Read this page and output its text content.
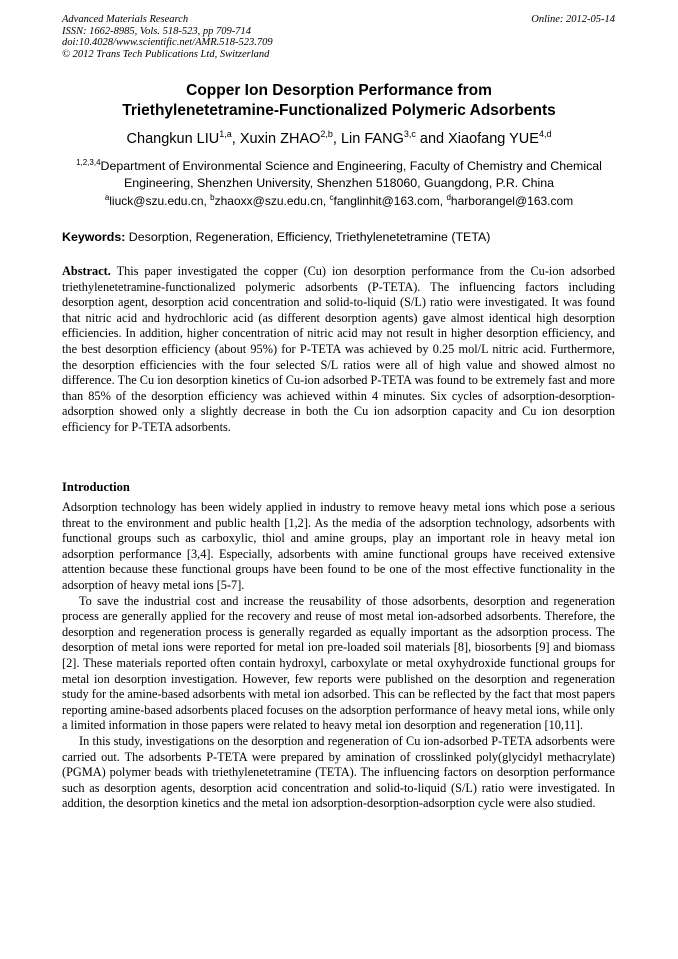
Advanced Materials Research
ISSN: 1662-8985, Vols. 518-523, pp 709-714
doi:10.4028/www.scientific.net/AMR.518-523.709
© 2012 Trans Tech Publications Ltd, Switzerland
Online: 2012-05-14
Copper Ion Desorption Performance from
Triethylenetetramine-Functionalized Polymeric Adsorbents
Changkun LIU$^{1,a}$, Xuxin ZHAO$^{2,b}$, Lin FANG$^{3,c}$ and Xiaofang YUE$^{4,d}$
$^{1,2,3,4}$Department of Environmental Science and Engineering, Faculty of Chemistry and Chemical
Engineering, Shenzhen University, Shenzhen 518060, Guangdong, P.R. China
$^a$liuck@szu.edu.cn, $^b$zhaoxx@szu.edu.cn, $^c$fanglinhit@163.com, $^d$harborangel@163.com
Keywords: Desorption, Regeneration, Efficiency, Triethylenetetramine (TETA)

Abstract. This paper investigated the copper (Cu) ion desorption performance from the Cu-ion adsorbed triethylenetetramine-functionalized polymeric adsorbents (P-TETA). The influencing factors including desorption agent, desorption acid concentration and solid-to-liquid (S/L) ratio were investigated. It was found that nitric acid and hydrochloric acid (as different desorption agents) gave almost identical high desorption efficiencies. In addition, higher concentration of nitric acid may not result in higher desorption efficiency, and the best desorption efficiency (about 95%) for P-TETA was achieved by 0.25 mol/L nitric acid. Furthermore, the desorption efficiencies with the four selected S/L ratios were all of high value and showed almost no difference. The Cu ion desorption kinetics of Cu-ion adsorbed P-TETA was found to be extremely fast and more than 85% of the desorption efficiency was achieved within 4 minutes. Six cycles of adsorption-desorption-adsorption showed only a slightly decrease in both the Cu ion adsorption capacity and Cu ion desorption efficiency for P-TETA adsorbents.

Introduction

Adsorption technology has been widely applied in industry to remove heavy metal ions which pose a serious threat to the environment and public health [1,2]. As the media of the adsorption technology, adsorbents with functional groups such as carboxylic, thiol and amine groups, play an important role in heavy metal ion adsorption performance [3,4]. Especially, adsorbents with amine functional groups have received extensive attention because these functional groups have been found to be one of the most effective functionality in the adsorption of heavy metal ions [5-7].

To save the industrial cost and increase the reusability of those adsorbents, desorption and regeneration process are generally applied for the recovery and reuse of most metal ion-adsorbed adsorbents. Therefore, the desorption and regeneration process is generally regarded as equally important as the adsorption process. The desorption of metal ions were reported for metal ion pre-loaded soil materials [8], biosorbents [9] and biomass [2]. These materials reported often contain hydroxyl, carboxylate or metal oxyhydroxide functional groups for metal ion desorption investigation. However, few reports were published on the desorption and regeneration study for the amine-based adsorbents with metal ion adsorbed. This can be reflected by the fact that most papers reporting amine-based adsorbents placed focuses on the adsorption performance of heavy metal ions, while only a limited information in those papers were related to heavy metal ion desorption and regeneration [10,11].

In this study, investigations on the desorption and regeneration of Cu ion-adsorbed P-TETA adsorbents were carried out. The adsorbents P-TETA were prepared by amination of crosslinked poly(glycidyl methacrylate) (PGMA) polymer beads with triethylenetetramine (TETA). The influencing factors on desorption performance such as desorption agents, desorption acid concentration and solid-to-liquid (S/L) ratio were investigated. In addition, the desorption kinetics and the metal ion adsorption-desorption-adsorption cycle were also studied.
